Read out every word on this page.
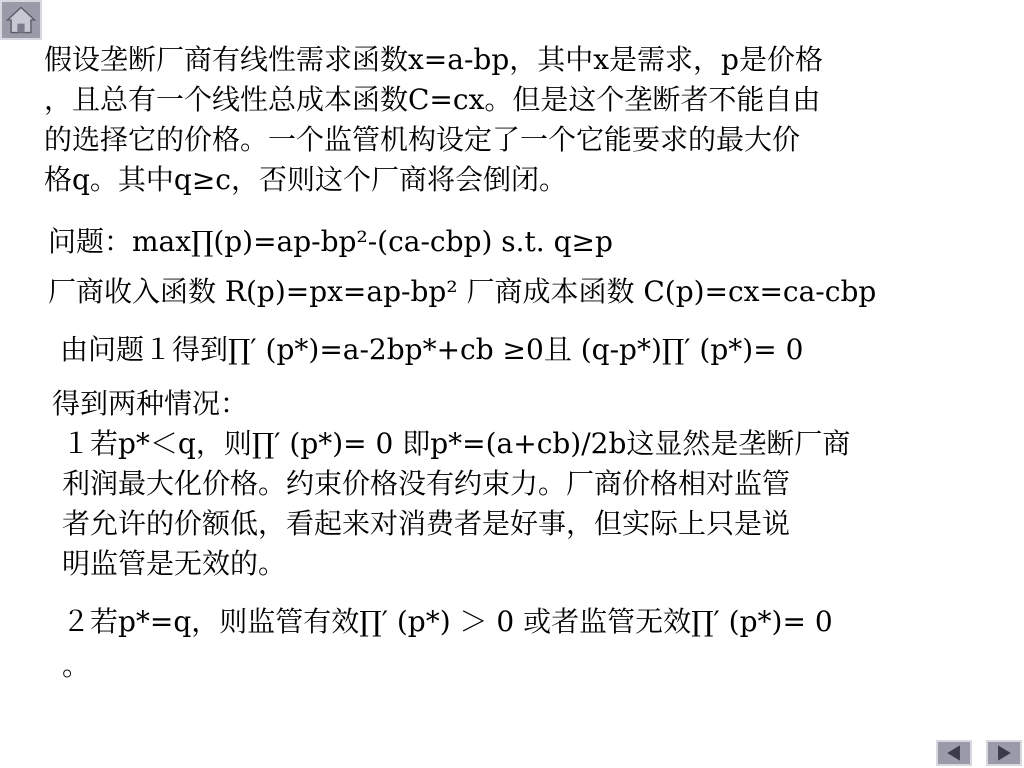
假设垄断厂商有线性需求函数x=a-bp，其中x是需求，p是价格
，且总有一个线性总成本函数C=cx。但是这个垄断者不能自由
的选择它的价格。一个监管机构设定了一个它能要求的最大价
格q。其中q≥c，否则这个厂商将会倒闭。
问题：max∏(p)=ap-bp²-(ca-cbp) s.t. q≥p
厂商收入函数 R(p)=px=ap-bp² 厂商成本函数 C(p)=cx=ca-cbp
由问题１得到∏′ (p*)=a-2bp*+cb ≥0且 (q-p*)∏′ (p*)= 0
得到两种情况：
１若p*＜q，则∏′ (p*)= 0 即p*=(a+cb)/2b这显然是垄断厂商
利润最大化价格。约束价格没有约束力。厂商价格相对监管
者允许的价额低，看起来对消费者是好事，但实际上只是说
明监管是无效的。
２若p*=q，则监管有效∏′ (p*) ＞ 0 或者监管无效∏′ (p*)= 0
。
